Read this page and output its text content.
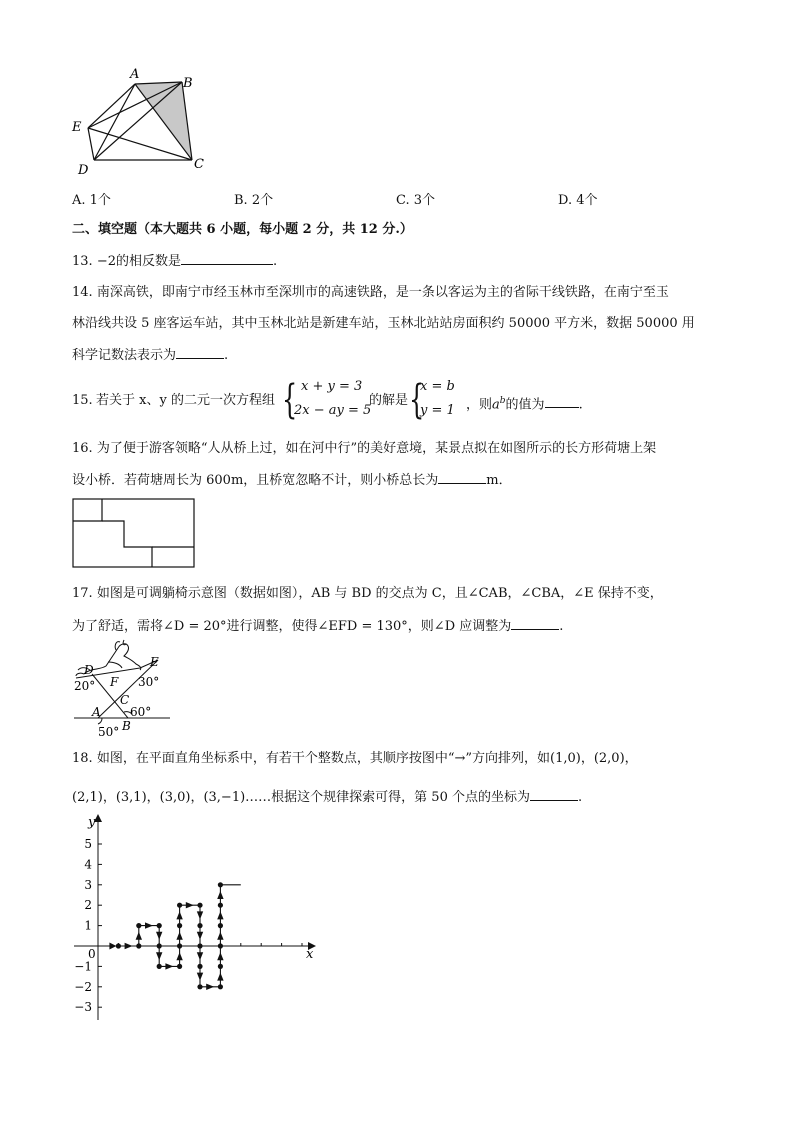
A
B
C
D
E
A. 1个	B. 2个	C. 3个	D. 4个
二、填空题（本大题共 6 小题，每小题 2 分，共 12 分.）
13. −2的相反数是	.
14. 南深高铁，即南宁市经玉林市至深圳市的高速铁路，是一条以客运为主的省际干线铁路，在南宁至玉
林沿线共设 5 座客运车站，其中玉林北站是新建车站，玉林北站站房面积约 50000 平方米，数据 50000 用
科学记数法表示为	.
15. 若关于 x、y 的二元一次方程组 { x + y = 3
2x − ay = 5
的解是 {
x = b
y = 1 ，则$a^b$的值为	.
16. 为了便于游客领略“人从桥上过，如在河中行”的美好意境，某景点拟在如图所示的长方形荷塘上架
设小桥．若荷塘周长为 600m，且桥宽忽略不计，则小桥总长为	m．
17. 如图是可调躺椅示意图（数据如图），AB 与 BD 的交点为 C，且∠CAB，∠CBA，∠E 保持不变，
为了舒适，需将∠D = 20°进行调整，使得∠EFD = 130°，则∠D 应调整为	.
D
E
F
C
A
B
20°	30°
60°
50°
18. 如图，在平面直角坐标系中，有若干个整数点，其顺序按图中“→”方向排列，如(1,0)，(2,0)，
(2,1)，(3,1)，(3,0)，(3,−1)……根据这个规律探索可得，第 50 个点的坐标为	.
5
4
3
2
1
−1
−2
−3
x
y
0
